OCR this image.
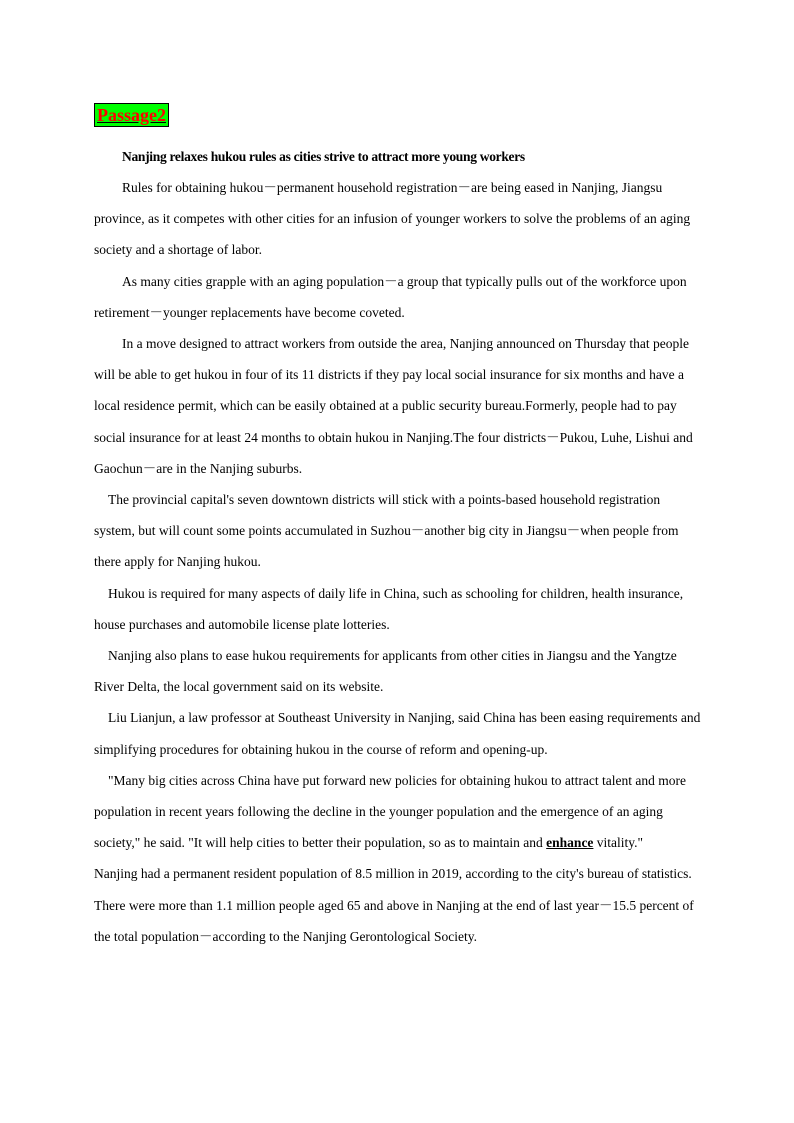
Passage2

Nanjing relaxes hukou rules as cities strive to attract more young workers

Rules for obtaining hukou－permanent household registration－are being eased in Nanjing, Jiangsu province, as it competes with other cities for an infusion of younger workers to solve the problems of an aging society and a shortage of labor.

As many cities grapple with an aging population－a group that typically pulls out of the workforce upon retirement－younger replacements have become coveted.

In a move designed to attract workers from outside the area, Nanjing announced on Thursday that people will be able to get hukou in four of its 11 districts if they pay local social insurance for six months and have a local residence permit, which can be easily obtained at a public security bureau.Formerly, people had to pay social insurance for at least 24 months to obtain hukou in Nanjing.The four districts－Pukou, Luhe, Lishui and Gaochun－are in the Nanjing suburbs.

The provincial capital's seven downtown districts will stick with a points-based household registration system, but will count some points accumulated in Suzhou－another big city in Jiangsu－when people from there apply for Nanjing hukou.

Hukou is required for many aspects of daily life in China, such as schooling for children, health insurance, house purchases and automobile license plate lotteries.

Nanjing also plans to ease hukou requirements for applicants from other cities in Jiangsu and the Yangtze River Delta, the local government said on its website.

Liu Lianjun, a law professor at Southeast University in Nanjing, said China has been easing requirements and simplifying procedures for obtaining hukou in the course of reform and opening-up.

"Many big cities across China have put forward new policies for obtaining hukou to attract talent and more population in recent years following the decline in the younger population and the emergence of an aging society," he said. "It will help cities to better their population, so as to maintain and enhance vitality."

Nanjing had a permanent resident population of 8.5 million in 2019, according to the city's bureau of statistics. There were more than 1.1 million people aged 65 and above in Nanjing at the end of last year－15.5 percent of the total population－according to the Nanjing Gerontological Society.
